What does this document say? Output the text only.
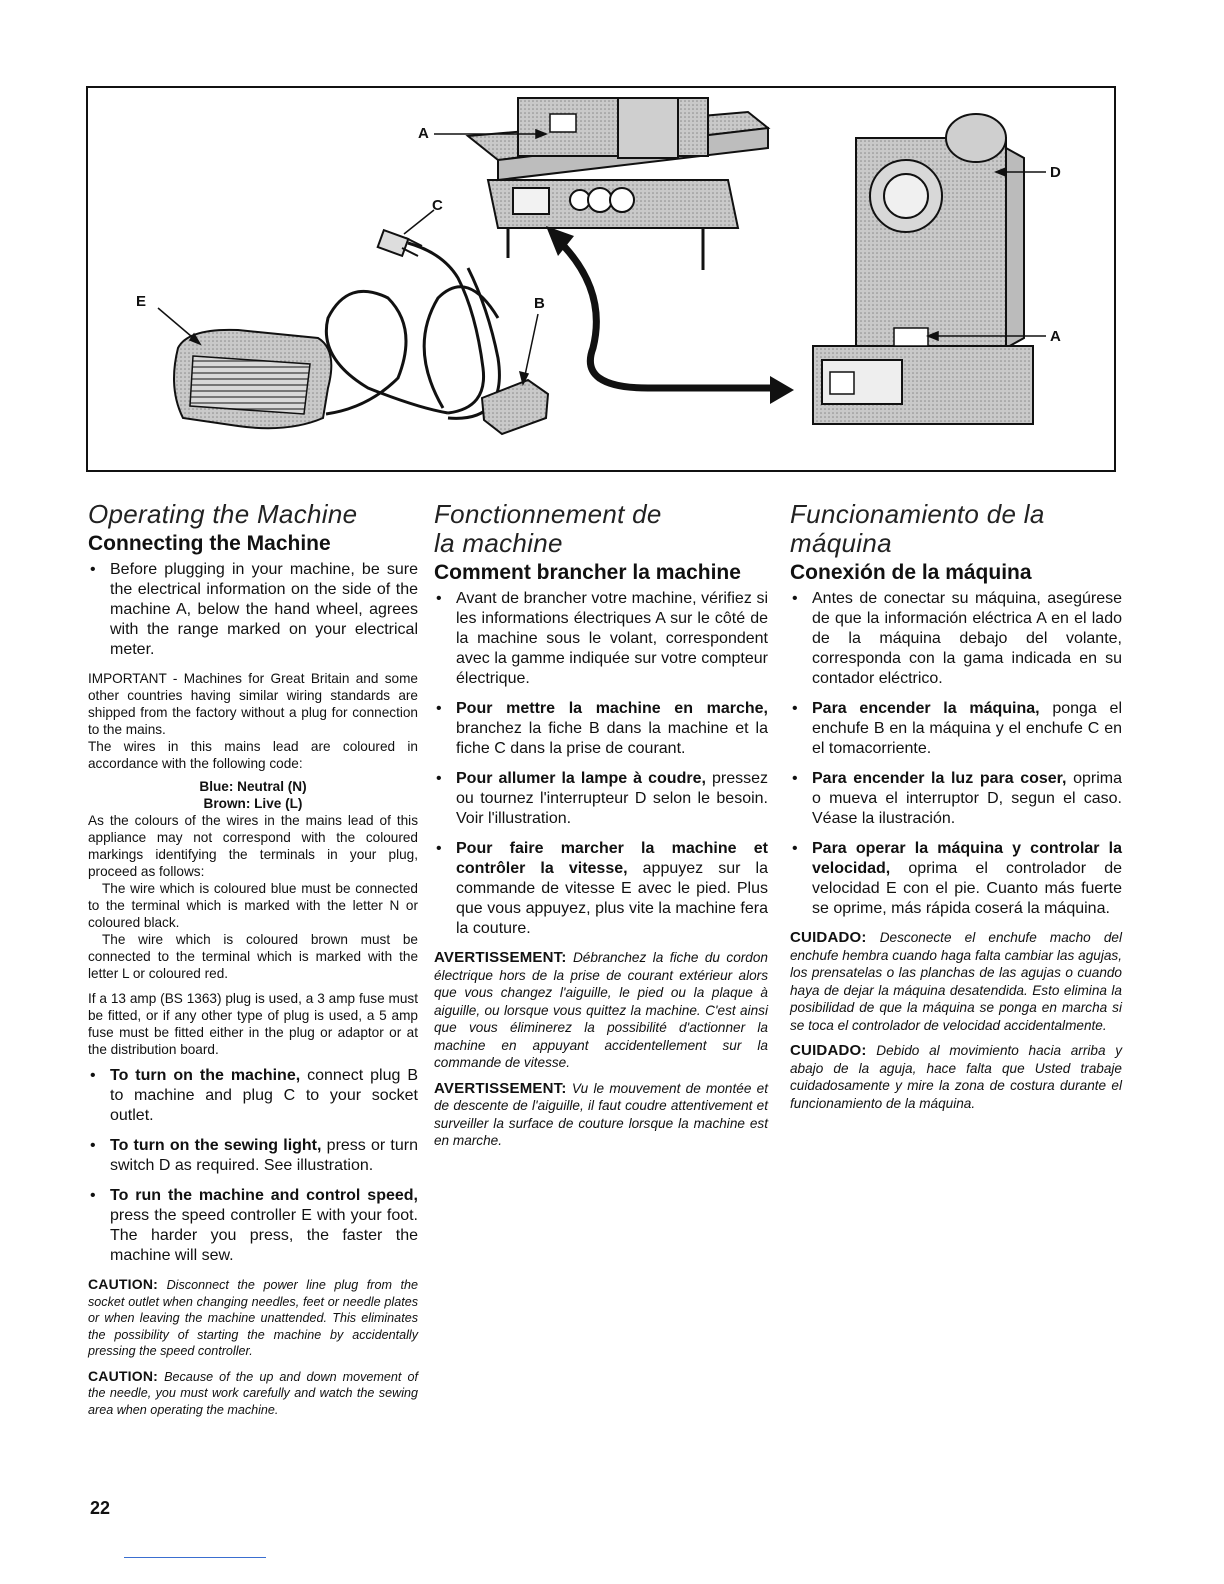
A
C
E	B
D
A
Operating the Machine
Connecting the Machine
• Before plugging in your machine, be sure the electrical information on the side of the machine A, below the hand wheel, agrees with the range marked on your electrical meter.

IMPORTANT - Machines for Great Britain and some other countries having similar wiring standards are shipped from the factory without a plug for connection to the mains.

The wires in this mains lead are coloured in accordance with the following code:

Blue: Neutral (N)

Brown: Live (L)

As the colours of the wires in the mains lead of this appliance may not correspond with the coloured markings identifying the terminals in your plug, proceed as follows:

The wire which is coloured blue must be connected to the terminal which is marked with the letter N or coloured black.

The wire which is coloured brown must be connected to the terminal which is marked with the letter L or coloured red.

If a 13 amp (BS 1363) plug is used, a 3 amp fuse must be fitted, or if any other type of plug is used, a 5 amp fuse must be fitted either in the plug or adaptor or at the distribution board.

• To turn on the machine, connect plug B to machine and plug C to your socket outlet.
• To turn on the sewing light, press or turn switch D as required. See illustration.
• To run the machine and control speed, press the speed controller E with your foot. The harder you press, the faster the machine will sew.

CAUTION: Disconnect the power line plug from the socket outlet when changing needles, feet or needle plates or when leaving the machine unattended. This eliminates the possibility of starting the machine by accidentally pressing the speed controller.

CAUTION: Because of the up and down movement of the needle, you must work carefully and watch the sewing area when operating the machine.

Fonctionnement de
la machine
Comment brancher la machine
• Avant de brancher votre machine, vérifiez si les informations électriques A sur le côté de la machine sous le volant, correspondent avec la gamme indiquée sur votre compteur électrique.
• Pour mettre la machine en marche, branchez la fiche B dans la machine et la fiche C dans la prise de courant.
• Pour allumer la lampe à coudre, pressez ou tournez l'interrupteur D selon le besoin. Voir l'illustration.
• Pour faire marcher la machine et contrôler la vitesse, appuyez sur la commande de vitesse E avec le pied. Plus que vous appuyez, plus vite la machine fera la couture.

AVERTISSEMENT: Débranchez la fiche du cordon électrique hors de la prise de courant extérieur alors que vous changez l'aiguille, le pied ou la plaque à aiguille, ou lorsque vous quittez la machine. C'est ainsi que vous éliminerez la possibilité d'actionner la machine en appuyant accidentellement sur la commande de vitesse.

AVERTISSEMENT: Vu le mouvement de montée et de descente de l'aiguille, il faut coudre attentivement et surveiller la surface de couture lorsque la machine est en marche.

Funcionamiento de la
máquina
Conexión de la máquina
• Antes de conectar su máquina, asegúrese de que la información eléctrica A en el lado de la máquina debajo del volante, corresponda con la gama indicada en su contador eléctrico.
• Para encender la máquina, ponga el enchufe B en la máquina y el enchufe C en el tomacorriente.
• Para encender la luz para coser, oprima o mueva el interruptor D, segun el caso. Véase la ilustración.
• Para operar la máquina y controlar la velocidad, oprima el controlador de velocidad E con el pie. Cuanto más fuerte se oprime, más rápida coserá la máquina.

CUIDADO: Desconecte el enchufe macho del enchufe hembra cuando haga falta cambiar las agujas, los prensatelas o las planchas de las agujas o cuando haya de dejar la máquina desatendida. Esto elimina la posibilidad de que la máquina se ponga en marcha si se toca el controlador de velocidad accidentalmente.

CUIDADO: Debido al movimiento hacia arriba y abajo de la aguja, hace falta que Usted trabaje cuidadosamente y mire la zona de costura durante el funcionamiento de la máquina.

22
